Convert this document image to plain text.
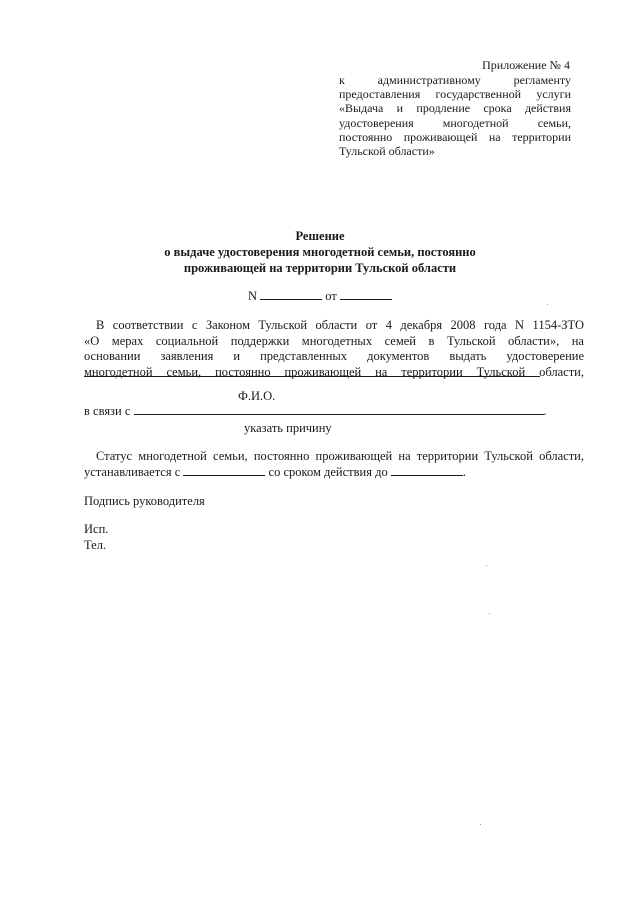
Приложение № 4
к административному регламенту предоставления государственной услуги «Выдача и продление срока действия удостоверения многодетной семьи, постоянно проживающей на территории
Тульской области»
Решение
о выдаче удостоверения многодетной семьи, постоянно
проживающей на территории Тульской области
N	от
В соответствии с Законом Тульской области от 4 декабря 2008 года N 1154-ЗТО
«О мерах социальной поддержки многодетных семей в Тульской области», на
основании заявления и представленных документов выдать удостоверение
многодетной семьи, постоянно проживающей на территории Тульской области,
Ф.И.О.
в связи с	.
указать причину
Статус многодетной семьи, постоянно проживающей на территории Тульской области,
устанавливается с	со сроком действия до	.
Подпись руководителя
Исп.
Тел.
